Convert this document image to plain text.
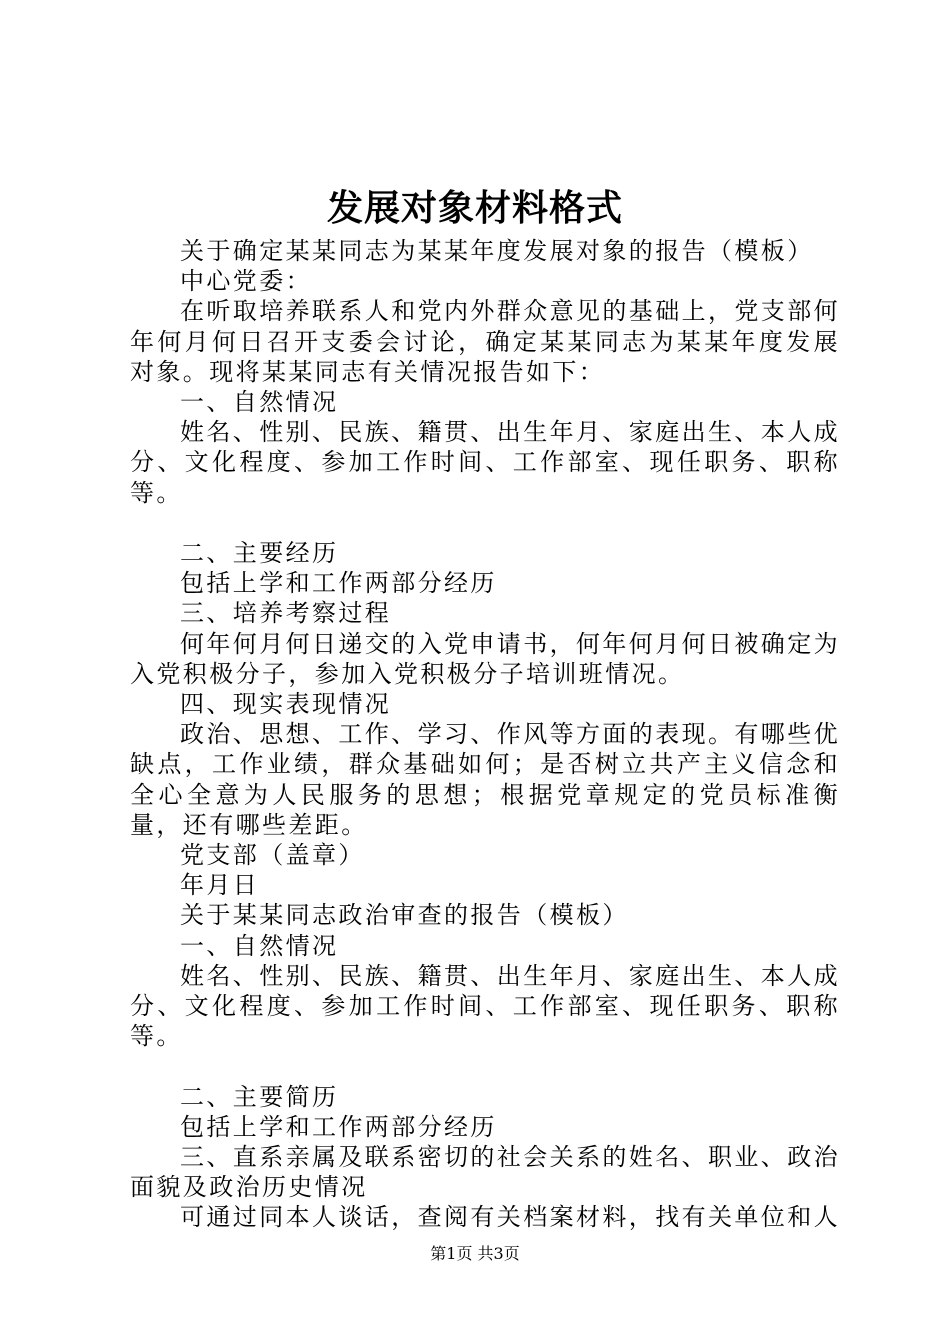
发展对象材料格式

关于确定某某同志为某某年度发展对象的报告（模板）

中心党委：

在听取培养联系人和党内外群众意见的基础上，党支部何年何月何日召开支委会讨论，确定某某同志为某某年度发展对象。现将某某同志有关情况报告如下：

一、自然情况

姓名、性别、民族、籍贯、出生年月、家庭出生、本人成分、文化程度、参加工作时间、工作部室、现任职务、职称等。

二、主要经历

包括上学和工作两部分经历

三、培养考察过程

何年何月何日递交的入党申请书，何年何月何日被确定为入党积极分子，参加入党积极分子培训班情况。

四、现实表现情况

政治、思想、工作、学习、作风等方面的表现。有哪些优缺点，工作业绩，群众基础如何；是否树立共产主义信念和全心全意为人民服务的思想；根据党章规定的党员标准衡量，还有哪些差距。

党支部（盖章）

年月日

关于某某同志政治审查的报告（模板）

一、自然情况

姓名、性别、民族、籍贯、出生年月、家庭出生、本人成分、文化程度、参加工作时间、工作部室、现任职务、职称等。

二、主要简历

包括上学和工作两部分经历

三、直系亲属及联系密切的社会关系的姓名、职业、政治面貌及政治历史情况

可通过同本人谈话，查阅有关档案材料，找有关单位和人

第1页 共3页
